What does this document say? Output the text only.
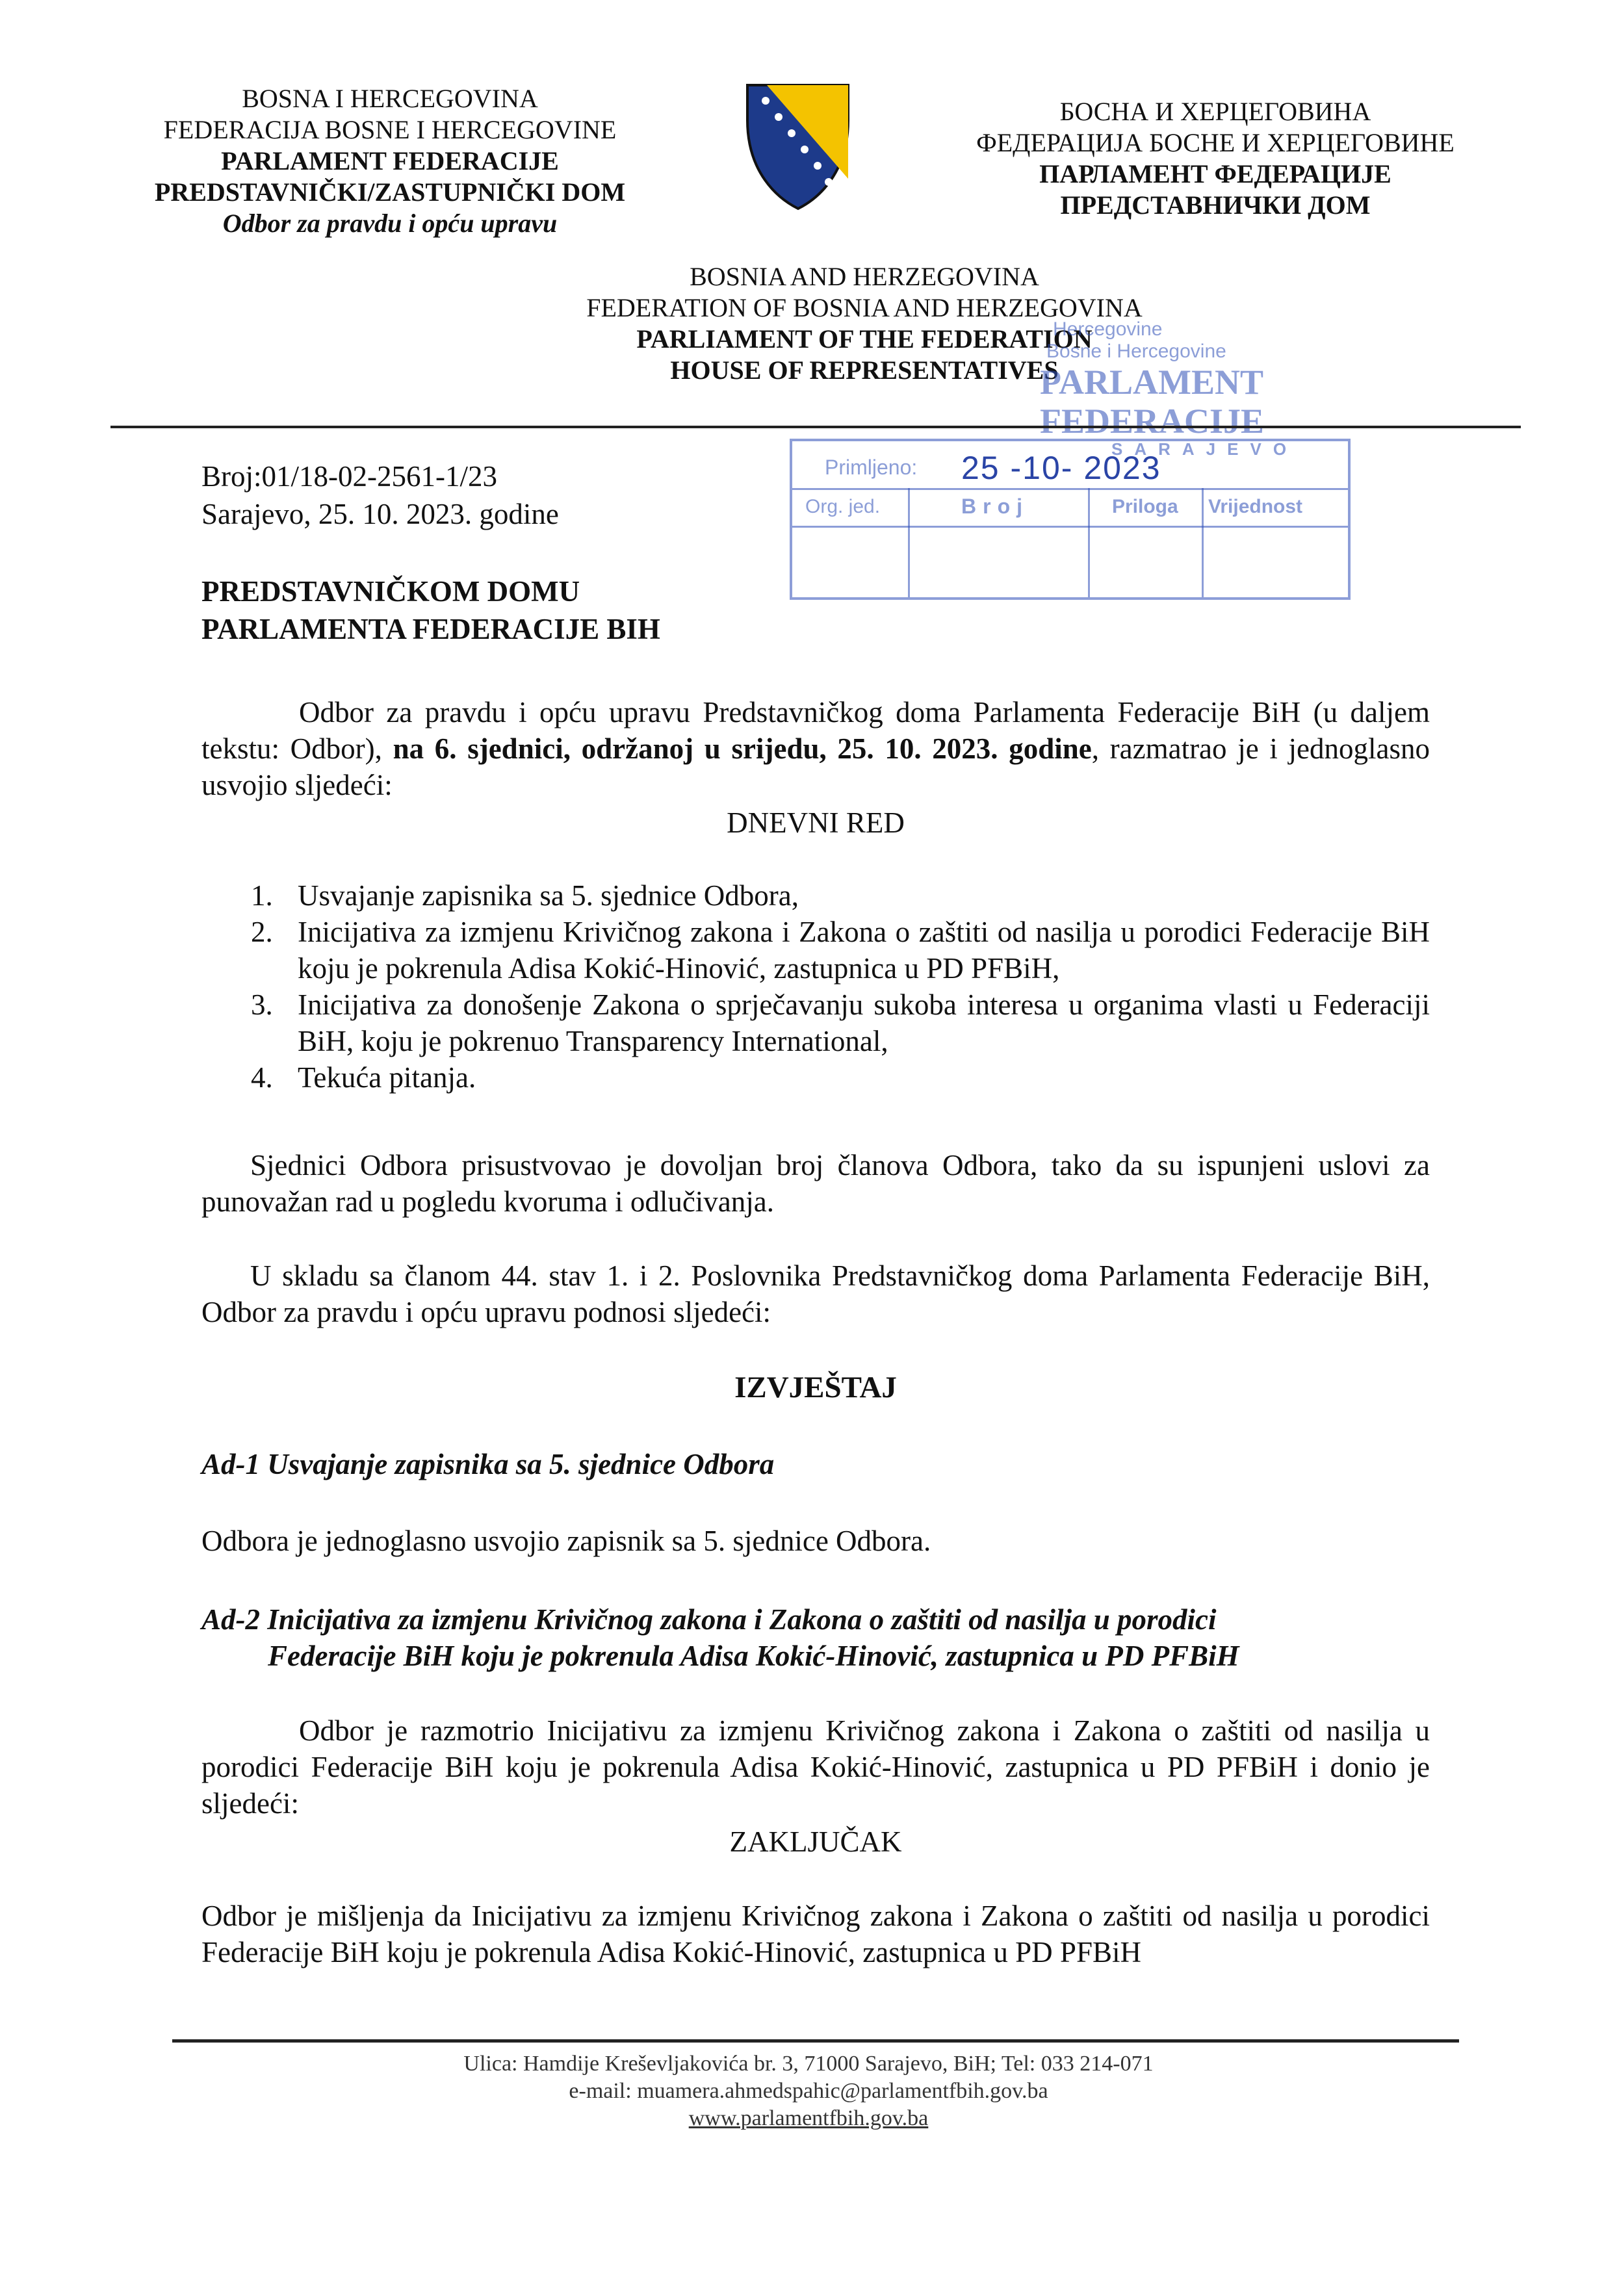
BOSNA I HERCEGOVINA
FEDERACIJA BOSNE I HERCEGOVINE
PARLAMENT FEDERACIJE
PREDSTAVNIČKI/ZASTUPNIČKI DOM
Odbor za pravdu i opću upravu
БОСНА И ХЕРЦЕГОВИНА
ФЕДЕРАЦИЈА БОСНЕ И ХЕРЦЕГОВИНЕ
ПАРЛАМЕНТ ФЕДЕРАЦИЈЕ
ПРЕДСТАВНИЧКИ ДОМ
BOSNIA AND HERZEGOVINA
FEDERATION OF BOSNIA AND HERZEGOVINA
PARLIAMENT OF THE FEDERATION
HOUSE OF REPRESENTATIVES
Hercegovine
Bosne i Hercegovine
PARLAMENT FEDERACIJE
SARAJEVO
Primljeno: 25 -10- 2023
Org. jed.	Broj	Priloga Vrijednost
Broj:01/18-02-2561-1/23
Sarajevo, 25. 10. 2023. godine
PREDSTAVNIČKOM DOMU
PARLAMENTA FEDERACIJE BIH
Odbor za pravdu i opću upravu Predstavničkog doma Parlamenta Federacije BiH (u daljem tekstu: Odbor), na 6. sjednici, održanoj u srijedu, 25. 10. 2023. godine, razmatrao je i jednoglasno usvojio sljedeći:
DNEVNI RED
1. Usvajanje zapisnika sa 5. sjednice Odbora,
2. Inicijativa za izmjenu Krivičnog zakona i Zakona o zaštiti od nasilja u porodici Federacije BiH koju je pokrenula Adisa Kokić-Hinović, zastupnica u PD PFBiH,
3. Inicijativa za donošenje Zakona o sprječavanju sukoba interesa u organima vlasti u Federaciji BiH, koju je pokrenuo Transparency International,
4. Tekuća pitanja.
Sjednici Odbora prisustvovao je dovoljan broj članova Odbora, tako da su ispunjeni uslovi za punovažan rad u pogledu kvoruma i odlučivanja.
U skladu sa članom 44. stav 1. i 2. Poslovnika Predstavničkog doma Parlamenta Federacije BiH, Odbor za pravdu i opću upravu podnosi sljedeći:
IZVJEŠTAJ
Ad-1 Usvajanje zapisnika sa 5. sjednice Odbora
Odbora je jednoglasno usvojio zapisnik sa 5. sjednice Odbora.
Ad-2 Inicijativa za izmjenu Krivičnog zakona i Zakona o zaštiti od nasilja u porodici
Federacije BiH koju je pokrenula Adisa Kokić-Hinović, zastupnica u PD PFBiH
Odbor je razmotrio Inicijativu za izmjenu Krivičnog zakona i Zakona o zaštiti od nasilja u porodici Federacije BiH koju je pokrenula Adisa Kokić-Hinović, zastupnica u PD PFBiH i donio je sljedeći:
ZAKLJUČAK
Odbor je mišljenja da Inicijativu za izmjenu Krivičnog zakona i Zakona o zaštiti od nasilja u porodici Federacije BiH koju je pokrenula Adisa Kokić-Hinović, zastupnica u PD PFBiH
Ulica: Hamdije Kreševljakovića br. 3, 71000 Sarajevo, BiH; Tel: 033 214-071
e-mail: muamera.ahmedspahic@parlamentfbih.gov.ba
www.parlamentfbih.gov.ba
